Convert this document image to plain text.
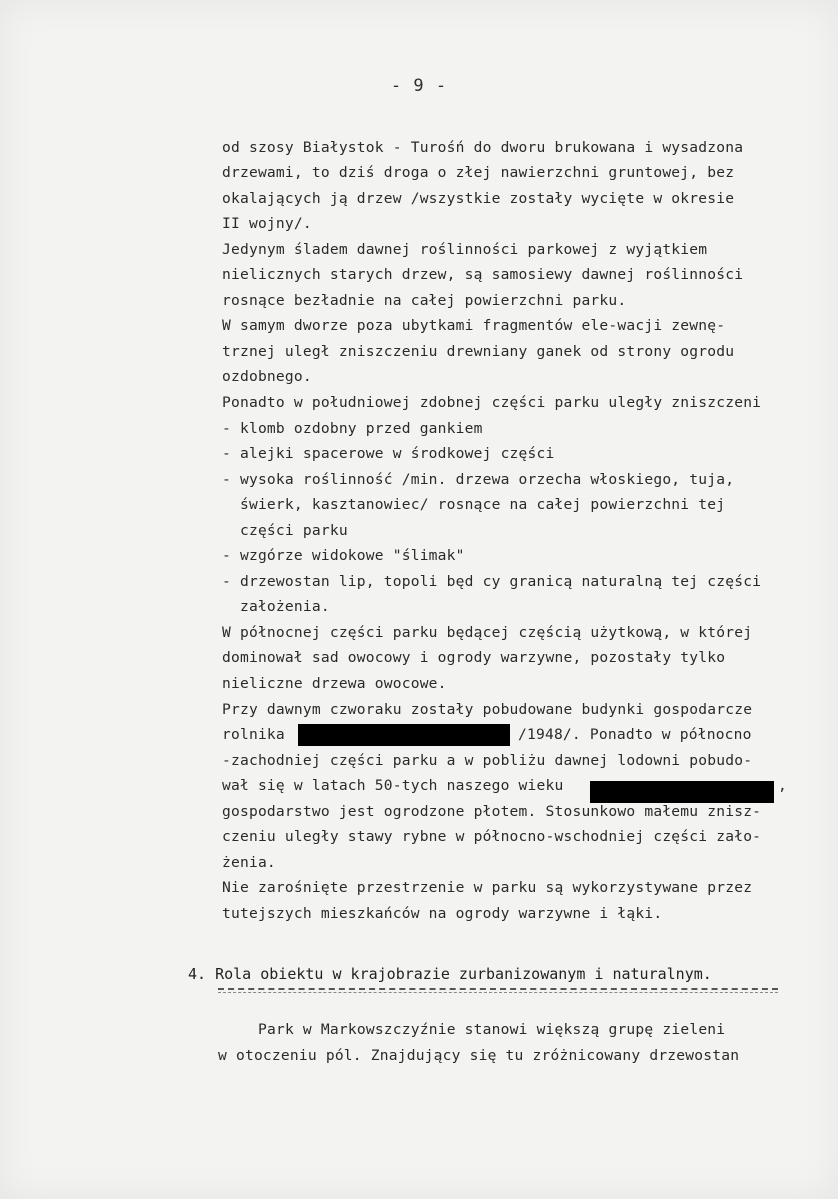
- 9 -
od szosy Białystok - Turośń do dworu brukowana i wysadzona
drzewami, to dziś droga o złej nawierzchni gruntowej, bez
okalających ją drzew /wszystkie zostały wycięte w okresie
II wojny/.
Jedynym śladem dawnej roślinności parkowej z wyjątkiem
nielicznych starych drzew, są samosiewy dawnej roślinności
rosnące bezładnie na całej powierzchni parku.
W samym dworze poza ubytkami fragmentów ele-wacji zewnę-
trznej uległ zniszczeniu drewniany ganek od strony ogrodu
ozdobnego.
Ponadto w południowej zdobnej części parku uległy zniszczeni
- klomb ozdobny przed gankiem
- alejki spacerowe w środkowej części
- wysoka roślinność /min. drzewa orzecha włoskiego, tuja,
świerk, kasztanowiec/ rosnące na całej powierzchni tej
części parku
- wzgórze widokowe "ślimak"
- drzewostan lip, topoli będ cy granicą naturalną tej części
założenia.
W północnej części parku będącej częścią użytkową, w której
dominował sad owocowy i ogrody warzywne, pozostały tylko
nieliczne drzewa owocowe.
Przy dawnym czworaku zostały pobudowane budynki gospodarcze
rolnika	/1948/. Ponadto w północno
-zachodniej części parku a w pobliżu dawnej lodowni pobudo-
wał się w latach 50-tych naszego wieku	,
gospodarstwo jest ogrodzone płotem. Stosunkowo małemu znisz-
czeniu uległy stawy rybne w północno-wschodniej części zało-
żenia.
Nie zarośnięte przestrzenie w parku są wykorzystywane przez
tutejszych mieszkańców na ogrody warzywne i łąki.
4. Rola obiektu w krajobrazie zurbanizowanym i naturalnym.
Park w Markowszczyźnie stanowi większą grupę zieleni
w otoczeniu pól. Znajdujący się tu zróżnicowany drzewostan
